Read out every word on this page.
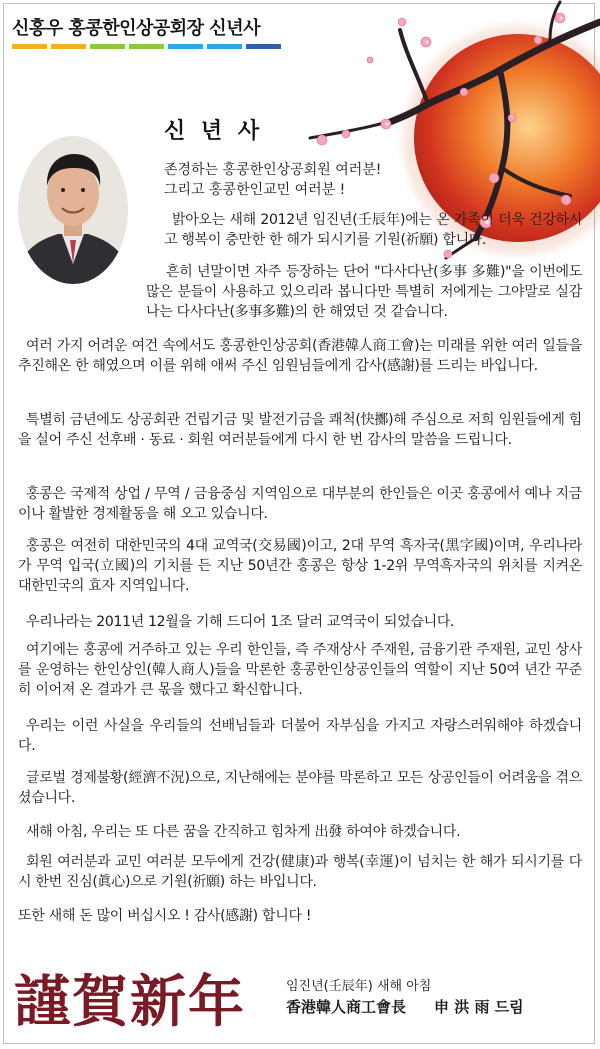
신홍우 홍콩한인상공회장 신년사
신 년 사
존경하는 홍콩한인상공회원 여러분!
그리고 홍콩한인교민 여러분 !
밝아오는 새해 2012년 임진년(壬辰年)에는 온 가족이 더욱 건강하시고 행복이 충만한 한 해가 되시기를 기원(祈願) 합니다.
흔히 년말이면 자주 등장하는 단어 "다사다난(多事 多難)"을 이번에도 많은 분들이 사용하고 있으리라 봅니다만 특별히 저에게는 그야말로 실감나는 다사다난(多事多難)의 한 해였던 것 같습니다.
여러 가지 어려운 여건 속에서도 홍콩한인상공회(香港韓人商工會)는 미래를 위한 여러 일들을 추진해온 한 해였으며 이를 위해 애써 주신 임원님들에게 감사(感謝)를 드리는 바입니다.
특별히 금년에도 상공회관 건립기금 및 발전기금을 쾌척(快擲)해 주심으로 저희 임원들에게 힘을 실어 주신 선후배 · 동료 · 회원 여러분들에게 다시 한 번 감사의 말씀을 드립니다.
홍콩은 국제적 상업 / 무역 / 금융중심 지역임으로 대부분의 한인들은 이곳 홍콩에서 예나 지금이나 활발한 경제활동을 해 오고 있습니다.
홍콩은 여전히 대한민국의 4대 교역국(交易國)이고, 2대 무역 흑자국(黑字國)이며, 우리나라가 무역 입국(立國)의 기치를 든 지난 50년간 홍콩은 항상 1-2위 무역흑자국의 위치를 지켜온 대한민국의 효자 지역입니다.
우리나라는 2011년 12월을 기해 드디어 1조 달러 교역국이 되었습니다.
여기에는 홍콩에 거주하고 있는 우리 한인들, 즉 주재상사 주재원, 금융기관 주재원, 교민 상사를 운영하는 한인상인(韓人商人)들을 막론한 홍콩한인상공인들의 역할이 지난 50여 년간 꾸준히 이어져 온 결과가 큰 몫을 했다고 확신합니다.
우리는 이런 사실을 우리들의 선배님들과 더불어 자부심을 가지고 자랑스러워해야 하겠습니다.
글로벌 경제불황(經濟不況)으로, 지난해에는 분야를 막론하고 모든 상공인들이 어려움을 겪으셨습니다.
새해 아침, 우리는 또 다른 꿈을 간직하고 힘차게 出發 하여야 하겠습니다.
회원 여러분과 교민 여러분 모두에게 건강(健康)과 행복(幸運)이 넘치는 한 해가 되시기를 다시 한번 진심(眞心)으로 기원(祈願) 하는 바입니다.
또한 새해 돈 많이 버십시오 ! 감사(感謝) 합니다 !
謹賀新年	임진년(壬辰年) 새해 아침
香港韓人商工會長 申 洪 雨 드림
